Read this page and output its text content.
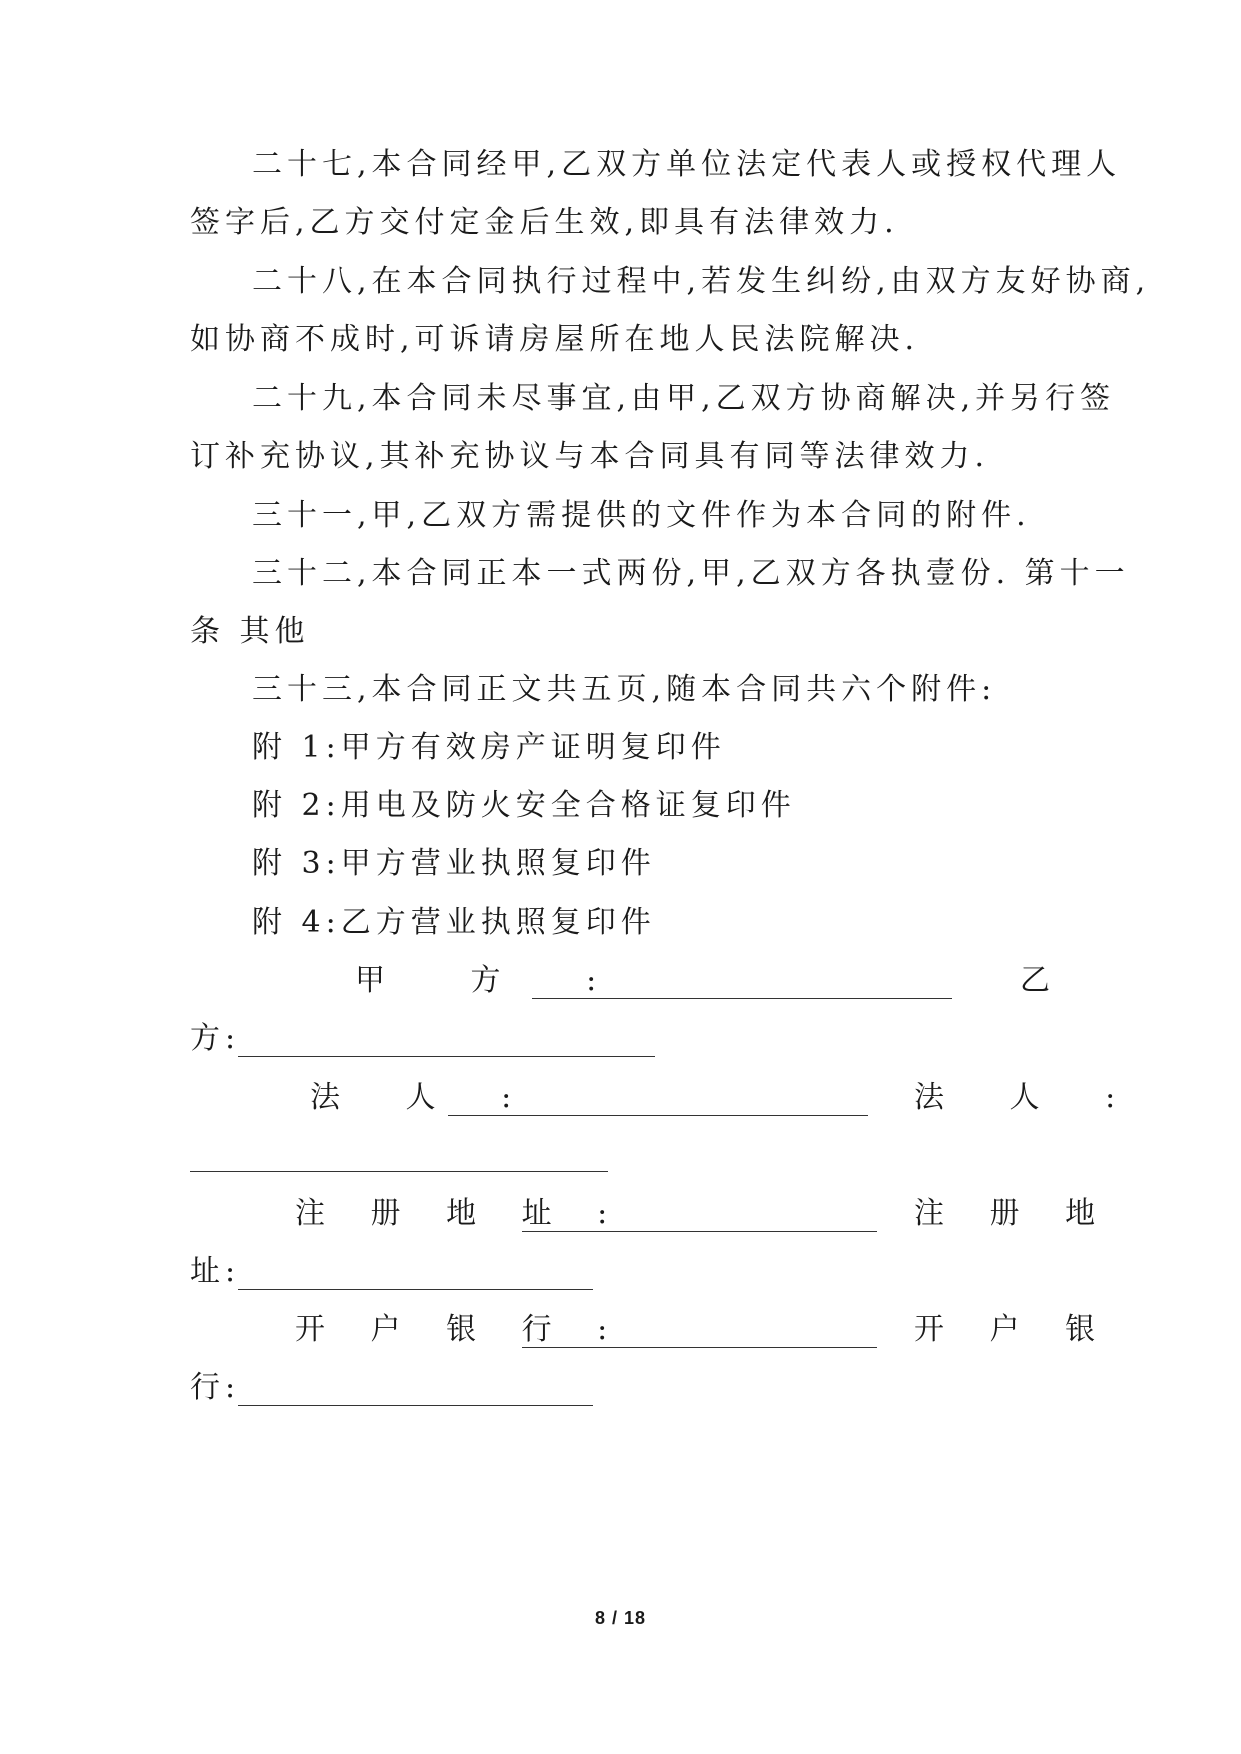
二十七,本合同经甲,乙双方单位法定代表人或授权代理人
签字后,乙方交付定金后生效,即具有法律效力.
二十八,在本合同执行过程中,若发生纠纷,由双方友好协商,
如协商不成时,可诉请房屋所在地人民法院解决.
二十九,本合同未尽事宜,由甲,乙双方协商解决,并另行签
订补充协议,其补充协议与本合同具有同等法律效力.
三十一,甲,乙双方需提供的文件作为本合同的附件.
三十二,本合同正本一式两份,甲,乙双方各执壹份. 第十一
条 其他
三十三,本合同正文共五页,随本合同共六个附件:
附 1:甲方有效房产证明复印件
附 2:用电及防火安全合格证复印件
附 3:甲方营业执照复印件
附 4:乙方营业执照复印件
甲 方 :	乙
方:
法 人 :	法 人 :
注 册 地 址 :	注 册 地
址:
开 户 银 行 :	开 户 银
行:
8 / 18
